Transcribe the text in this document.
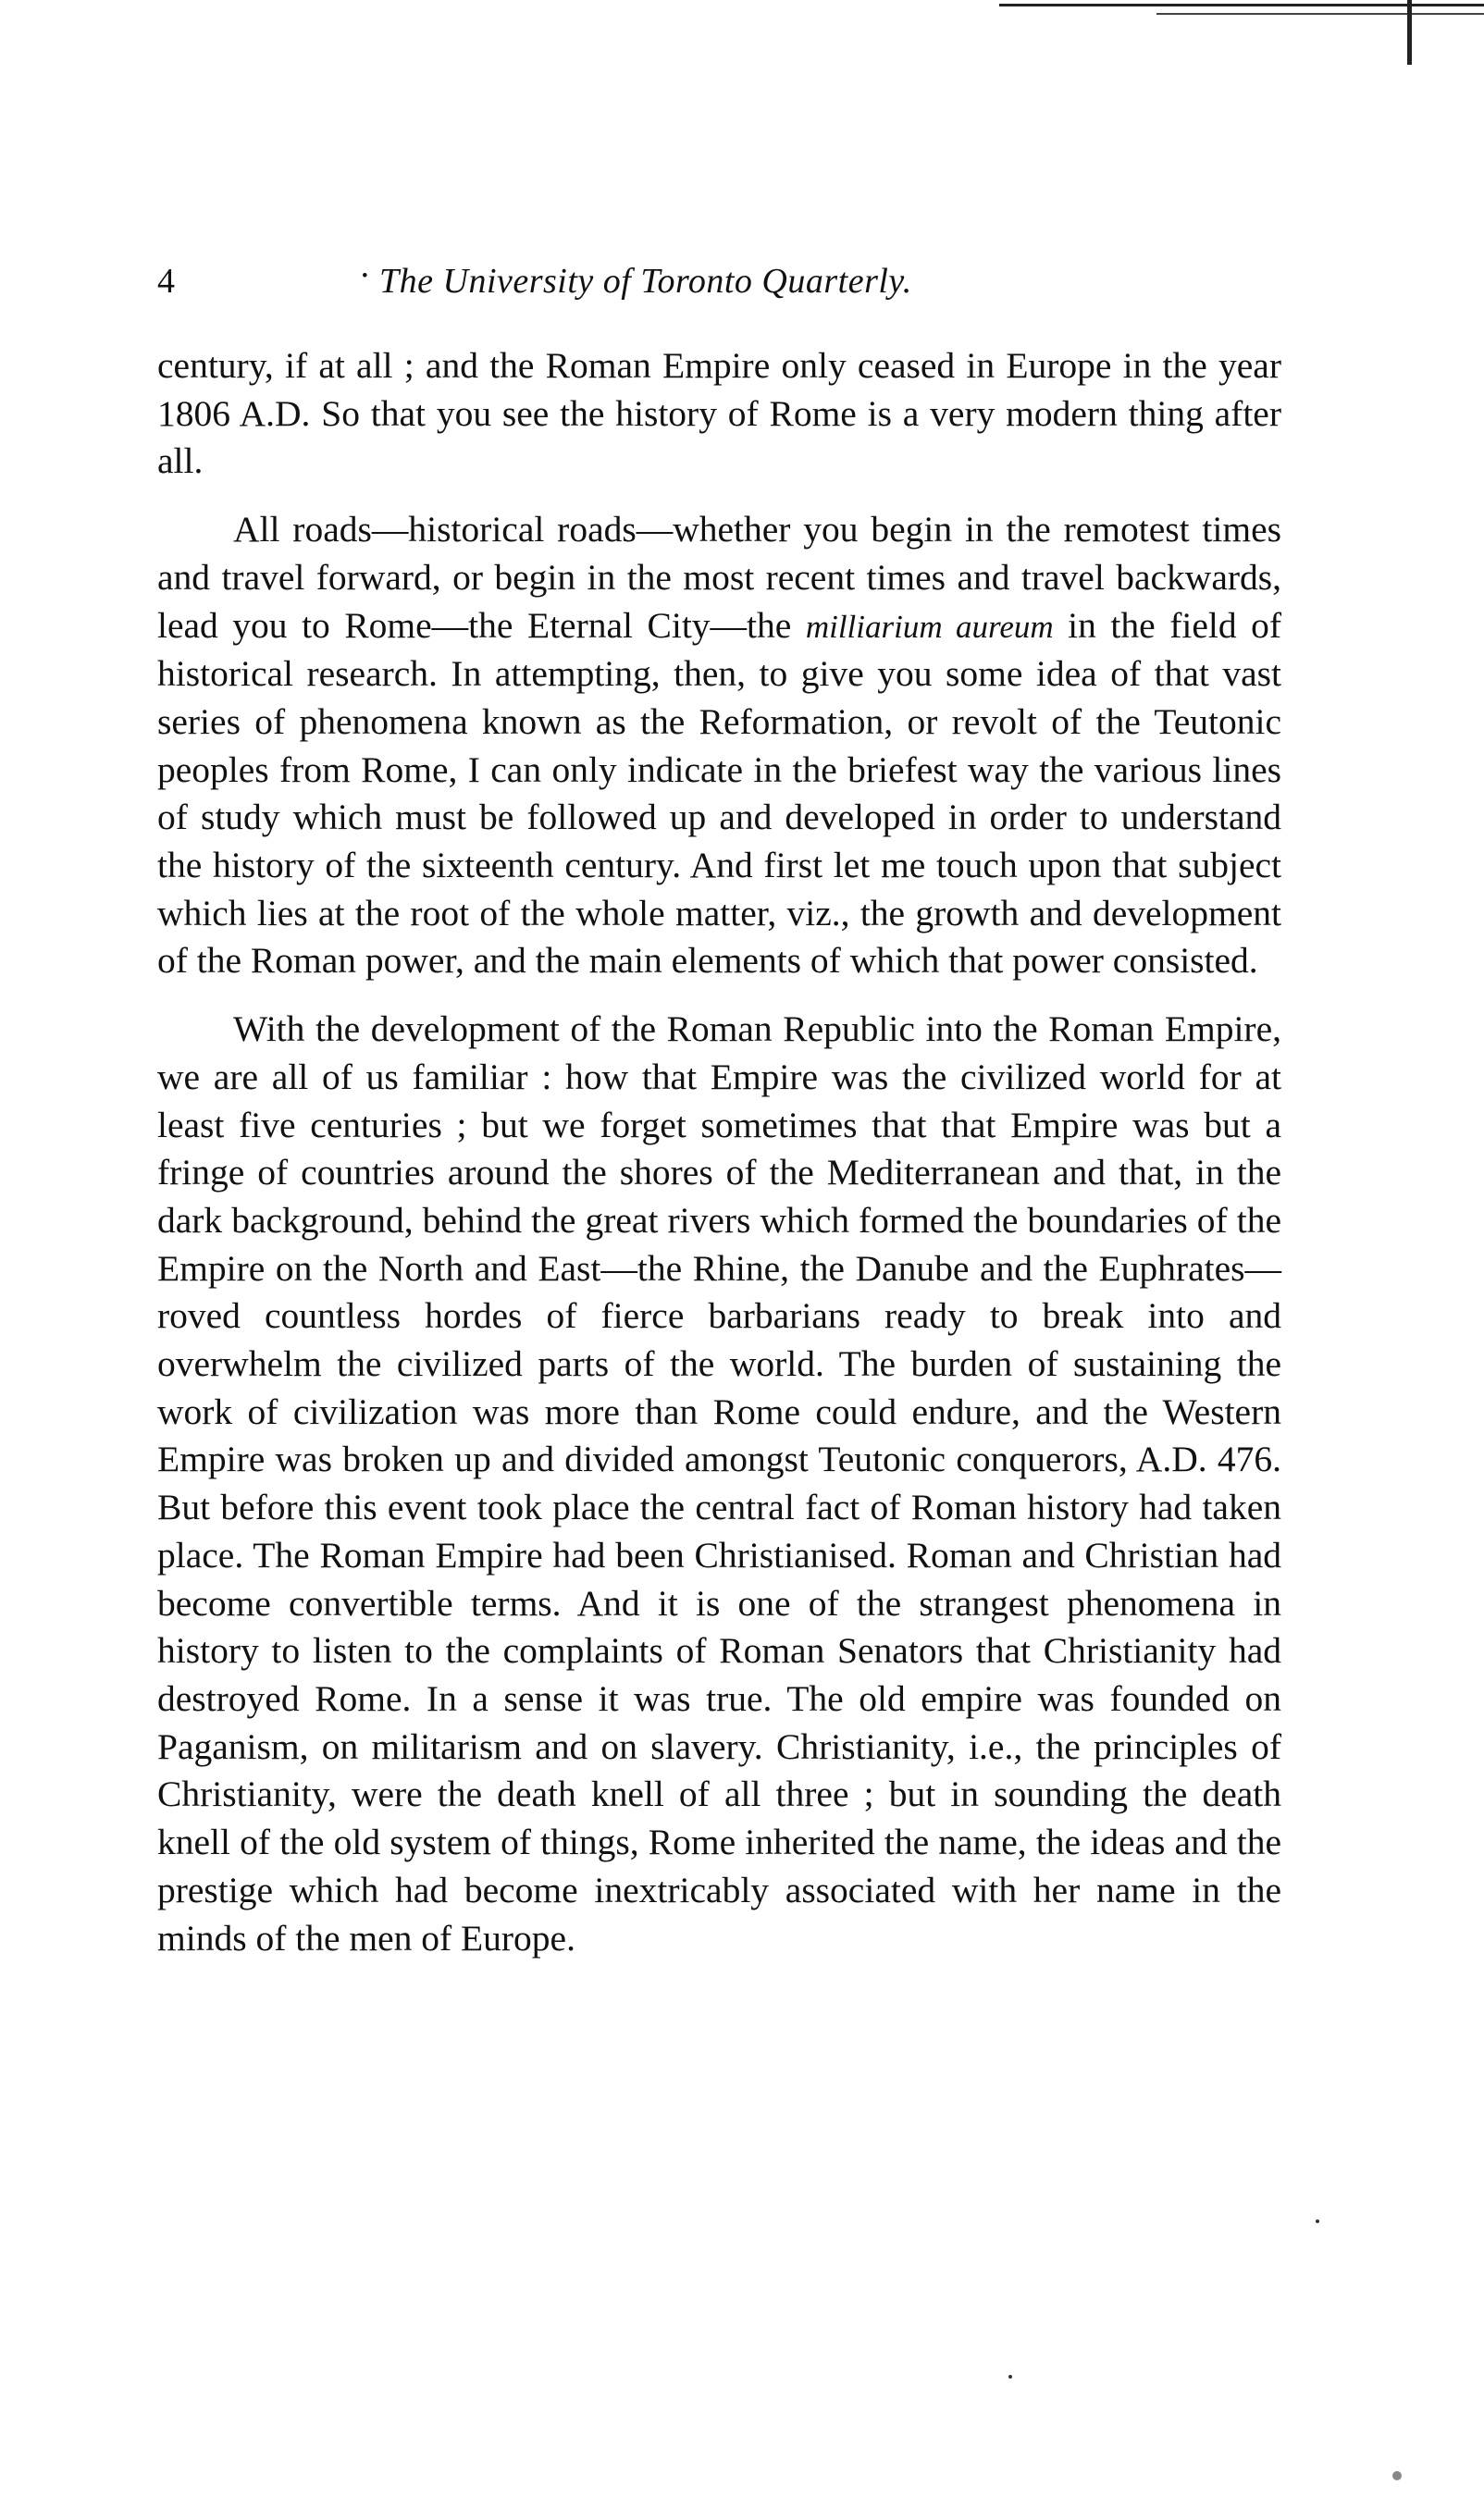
4	· The University of Toronto Quarterly.

century, if at all ; and the Roman Empire only ceased in Europe in the year 1806 A.D. So that you see the history of Rome is a very modern thing after all.

All roads—historical roads—whether you begin in the remotest times and travel forward, or begin in the most recent times and travel backwards, lead you to Rome—the Eternal City—the milliarium aureum in the field of historical research. In attempting, then, to give you some idea of that vast series of phenomena known as the Reformation, or revolt of the Teutonic peoples from Rome, I can only indicate in the briefest way the various lines of study which must be followed up and developed in order to understand the history of the sixteenth century. And first let me touch upon that subject which lies at the root of the whole matter, viz., the growth and development of the Roman power, and the main elements of which that power consisted.

With the development of the Roman Republic into the Roman Empire, we are all of us familiar : how that Empire was the civilized world for at least five centuries ; but we forget sometimes that that Empire was but a fringe of countries around the shores of the Mediterranean and that, in the dark background, behind the great rivers which formed the boundaries of the Empire on the North and East—the Rhine, the Danube and the Euphrates—roved countless hordes of fierce barbarians ready to break into and overwhelm the civilized parts of the world. The burden of sustaining the work of civilization was more than Rome could endure, and the Western Empire was broken up and divided amongst Teutonic conquerors, A.D. 476. But before this event took place the central fact of Roman history had taken place. The Roman Empire had been Christianised. Roman and Christian had become convertible terms. And it is one of the strangest phenomena in history to listen to the complaints of Roman Senators that Christianity had destroyed Rome. In a sense it was true. The old empire was founded on Paganism, on militarism and on slavery. Christianity, i.e., the principles of Christianity, were the death knell of all three ; but in sounding the death knell of the old system of things, Rome inherited the name, the ideas and the prestige which had become inextricably associated with her name in the minds of the men of Europe.
